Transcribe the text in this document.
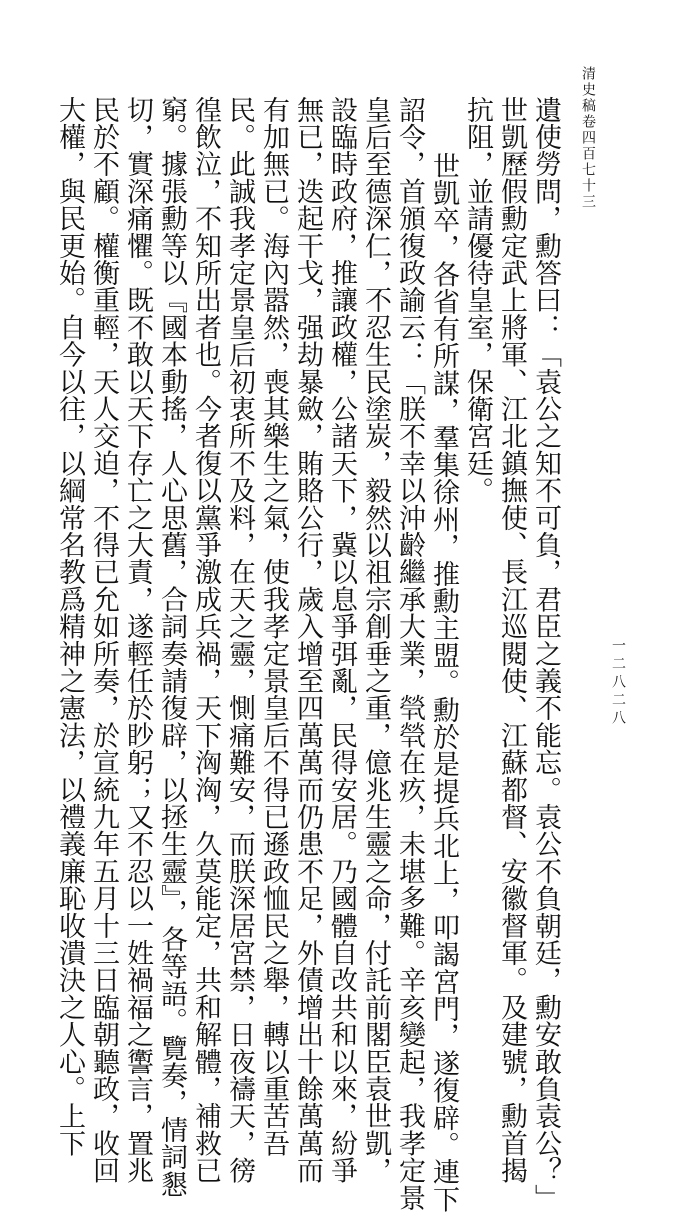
清史稿卷四百七十三
一二八二八
遺使勞問，勳答曰：「袁公之知不可負，君臣之義不能忘。袁公不負朝廷，勳安敢負袁公？」
世凱歷假勳定武上將軍、江北鎮撫使、長江巡閱使、江蘇都督、安徽督軍。及建號，勳首揭
抗阻，並請優待皇室，保衛宮廷。
世凱卒，各省有所謀，羣集徐州，推勳主盟。勳於是提兵北上，叩謁宮門，遂復辟。連下
詔令，首頒復政諭云：「朕不幸以沖齡繼承大業，煢煢在疚，未堪多難。辛亥變起，我孝定景
皇后至德深仁，不忍生民塗炭，毅然以祖宗創垂之重，億兆生靈之命，付託前閣臣袁世凱，
設臨時政府，推讓政權，公諸天下，冀以息爭弭亂，民得安居。乃國體自改共和以來，紛爭
無已，迭起干戈，强劫暴斂，賄賂公行，歲入增至四萬萬而仍患不足，外債增出十餘萬萬而
有加無已。海內嚣然，喪其樂生之氣，使我孝定景皇后不得已遜政恤民之舉，轉以重苦吾
民。此誠我孝定景皇后初衷所不及料，在天之靈，惻痛難安，而朕深居宮禁，日夜禱天，徬
徨飲泣，不知所出者也。今者復以黨爭激成兵禍，天下洶洶，久莫能定，共和解體，補救已
窮。據張勳等以『國本動搖，人心思舊，合詞奏請復辟，以拯生靈』，各等語。覽奏，情詞懇
切，實深痛懼。既不敢以天下存亡之大責，遂輕任於眇躬；又不忍以一姓禍福之讆言，置兆
民於不顧。權衡重輕，天人交迫，不得已允如所奏，於宣統九年五月十三日臨朝聽政，收回
大權，與民更始。自今以往，以綱常名教爲精神之憲法，以禮義廉恥收潰決之人心。上下
